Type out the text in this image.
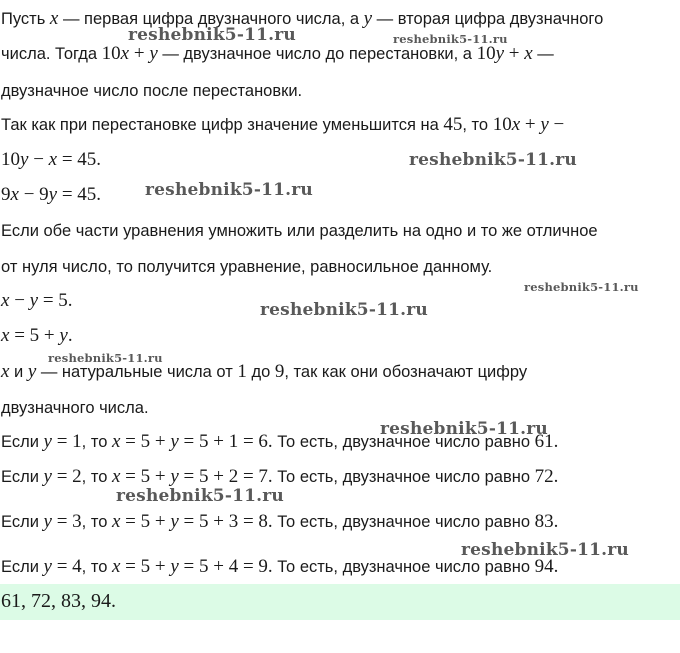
Пусть x — первая цифра двузначного числа, а y — вторая цифра двузначного
числа. Тогда 10x + y — двузначное число до перестановки, а 10y + x —
двузначное число после перестановки.
Так как при перестановке цифр значение уменьшится на 45, то 10x + y −
10y − x = 45.
9x − 9y = 45.
Если обе части уравнения умножить или разделить на одно и то же отличное
от нуля число, то получится уравнение, равносильное данному.
x − y = 5.
x = 5 + y.
x и y — натуральные числа от 1 до 9, так как они обозначают цифру
двузначного числа.
Если y = 1, то x = 5 + y = 5 + 1 = 6. То есть, двузначное число равно 61.
Если y = 2, то x = 5 + y = 5 + 2 = 7. То есть, двузначное число равно 72.
Если y = 3, то x = 5 + y = 5 + 3 = 8. То есть, двузначное число равно 83.
Если y = 4, то x = 5 + y = 5 + 4 = 9. То есть, двузначное число равно 94.
61, 72, 83, 94.
reshebnik5-11.ru	reshebnik5-11.ru
reshebnik5-11.ru
reshebnik5-11.ru
reshebnik5-11.ru
reshebnik5-11.ru
reshebnik5-11.ru
reshebnik5-11.ru
reshebnik5-11.ru
reshebnik5-11.ru
